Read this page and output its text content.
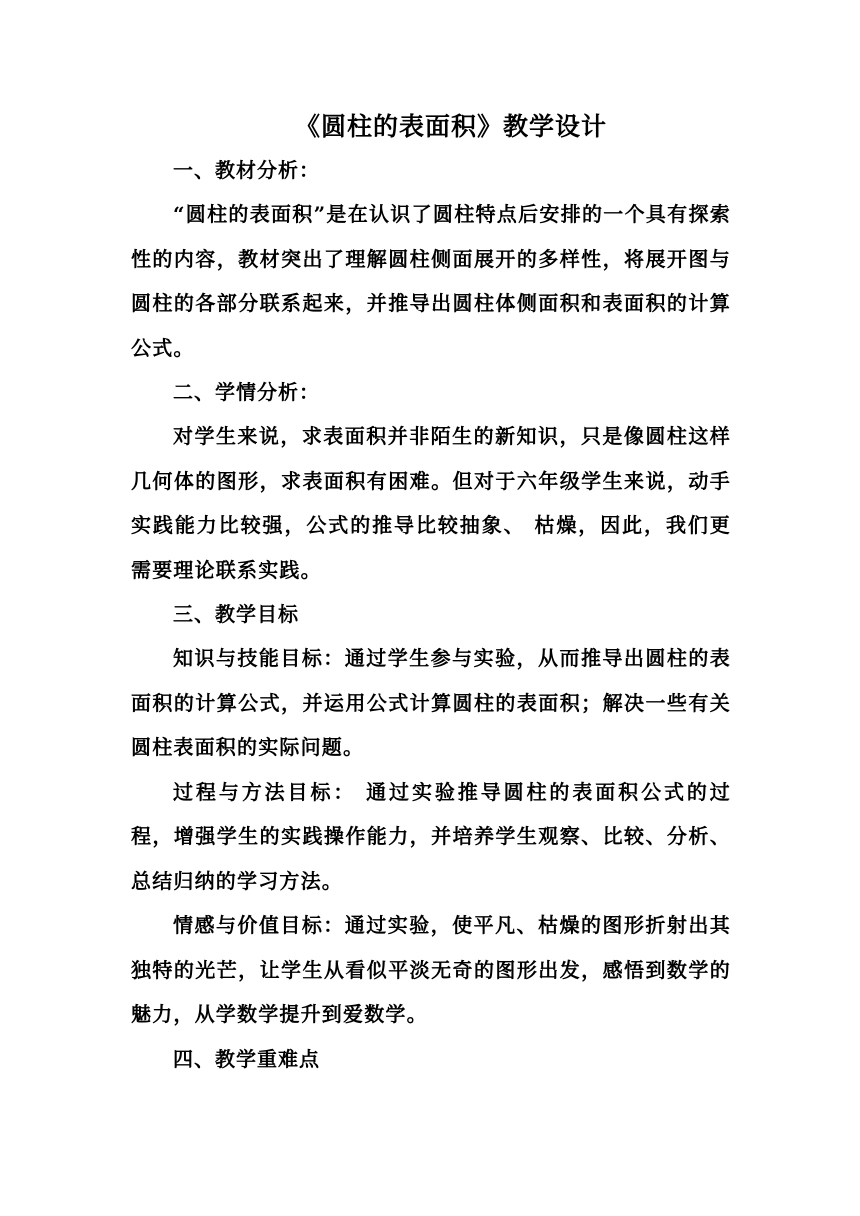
《圆柱的表面积》教学设计
一、教材分析：

“圆柱的表面积”是在认识了圆柱特点后安排的一个具有探索性的内容，教材突出了理解圆柱侧面展开的多样性，将展开图与圆柱的各部分联系起来，并推导出圆柱体侧面积和表面积的计算公式。

二、学情分析：

对学生来说，求表面积并非陌生的新知识，只是像圆柱这样几何体的图形，求表面积有困难。但对于六年级学生来说，动手实践能力比较强，公式的推导比较抽象、 枯燥，因此，我们更需要理论联系实践。

三、教学目标

知识与技能目标：通过学生参与实验，从而推导出圆柱的表面积的计算公式，并运用公式计算圆柱的表面积；解决一些有关圆柱表面积的实际问题。

过程与方法目标： 通过实验推导圆柱的表面积公式的过程，增强学生的实践操作能力，并培养学生观察、比较、分析、总结归纳的学习方法。

情感与价值目标：通过实验，使平凡、枯燥的图形折射出其独特的光芒，让学生从看似平淡无奇的图形出发，感悟到数学的魅力，从学数学提升到爱数学。

四、教学重难点
